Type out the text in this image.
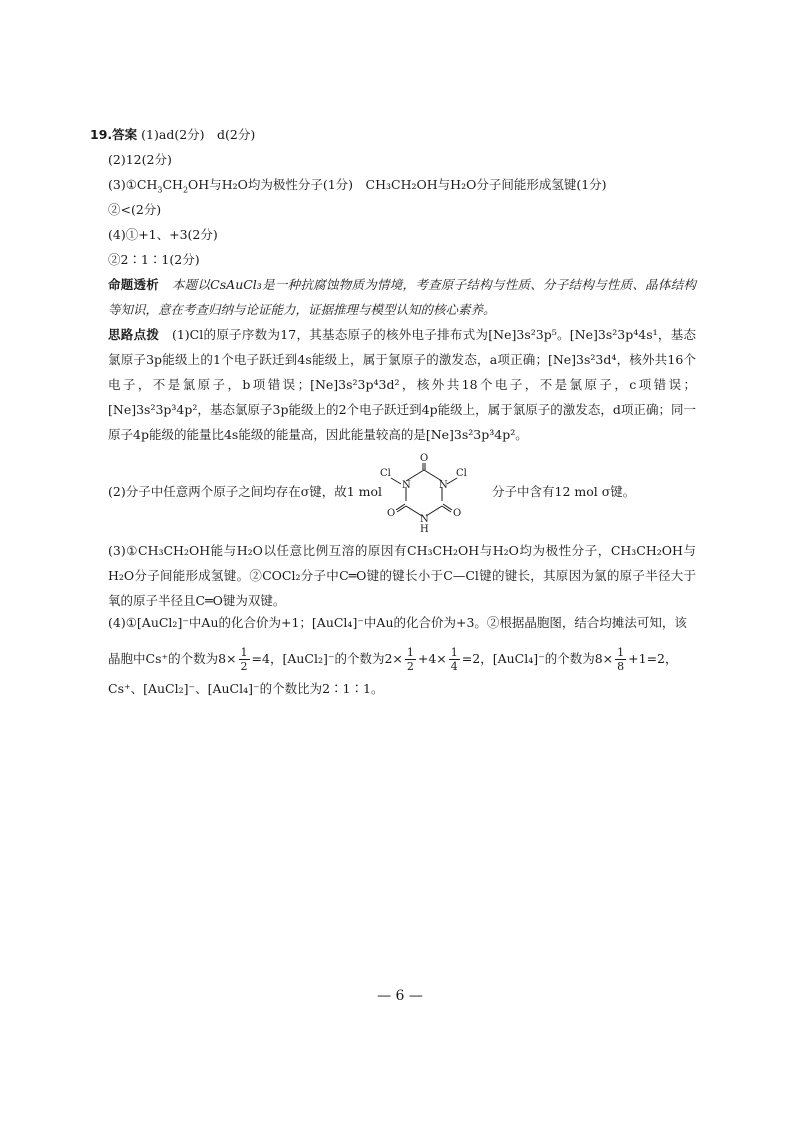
19.答案 (1)ad(2分)　d(2分)
(2)12(2分)
$(3)①CH_3CH_2OH$与H₂O均为极性分子(1分)　CH₃CH₂OH与H₂O分子间能形成氢键(1分)
②<(2分)
(4)①+1、+3(2分)
②2∶1∶1(2分)
命题透析　 本题以CsAuCl₃是一种抗腐蚀物质为情境，考查原子结构与性质、分子结构与性质、晶体结构等知识，意在考查归纳与论证能力，证据推理与模型认知的核心素养。
思路点拨　 (1)Cl的原子序数为17，其基态原子的核外电子排布式为[Ne]3s²3p⁵。[Ne]3s²3p⁴4s¹，基态氯原子3p能级上的1个电子跃迁到4s能级上，属于氯原子的激发态，a项正确；[Ne]3s²3d⁴，核外共16个电子，不是氯原子，b项错误；[Ne]3s²3p⁴3d²，核外共18个电子，不是氯原子，c项错误；[Ne]3s²3p³4p²，基态氯原子3p能级上的2个电子跃迁到4p能级上，属于氯原子的激发态，d项正确；同一原子4p能级的能量比4s能级的能量高，因此能量较高的是[Ne]3s²3p³4p²。
(2)分子中任意两个原子之间均存在σ键，故1 mol	分子中含有12 mol σ键。
Cl
O
Cl
N	N
O
N
O
H
(3)①CH₃CH₂OH能与H₂O以任意比例互溶的原因有CH₃CH₂OH与H₂O均为极性分子，CH₃CH₂OH与H₂O分子间能形成氢键。②COCl₂分子中C═O键的键长小于C—Cl键的键长，其原因为氯的原子半径大于氧的原子半径且C═O键为双键。
(4)①[AuCl₂]⁻中Au的化合价为+1；[AuCl₄]⁻中Au的化合价为+3。②根据晶胞图，结合均摊法可知，该
晶胞中Cs⁺的个数为$8\times \frac{1}{2} =4$，[AuCl₂]⁻的个数为$2\times \frac{1}{2} +4\times \frac{1}{4} =2$，[AuCl₄]⁻的个数为$8\times \frac{1}{8} +1=2$，
Cs⁺、[AuCl₂]⁻、[AuCl₄]⁻的个数比为2∶1∶1。
— 6 —
